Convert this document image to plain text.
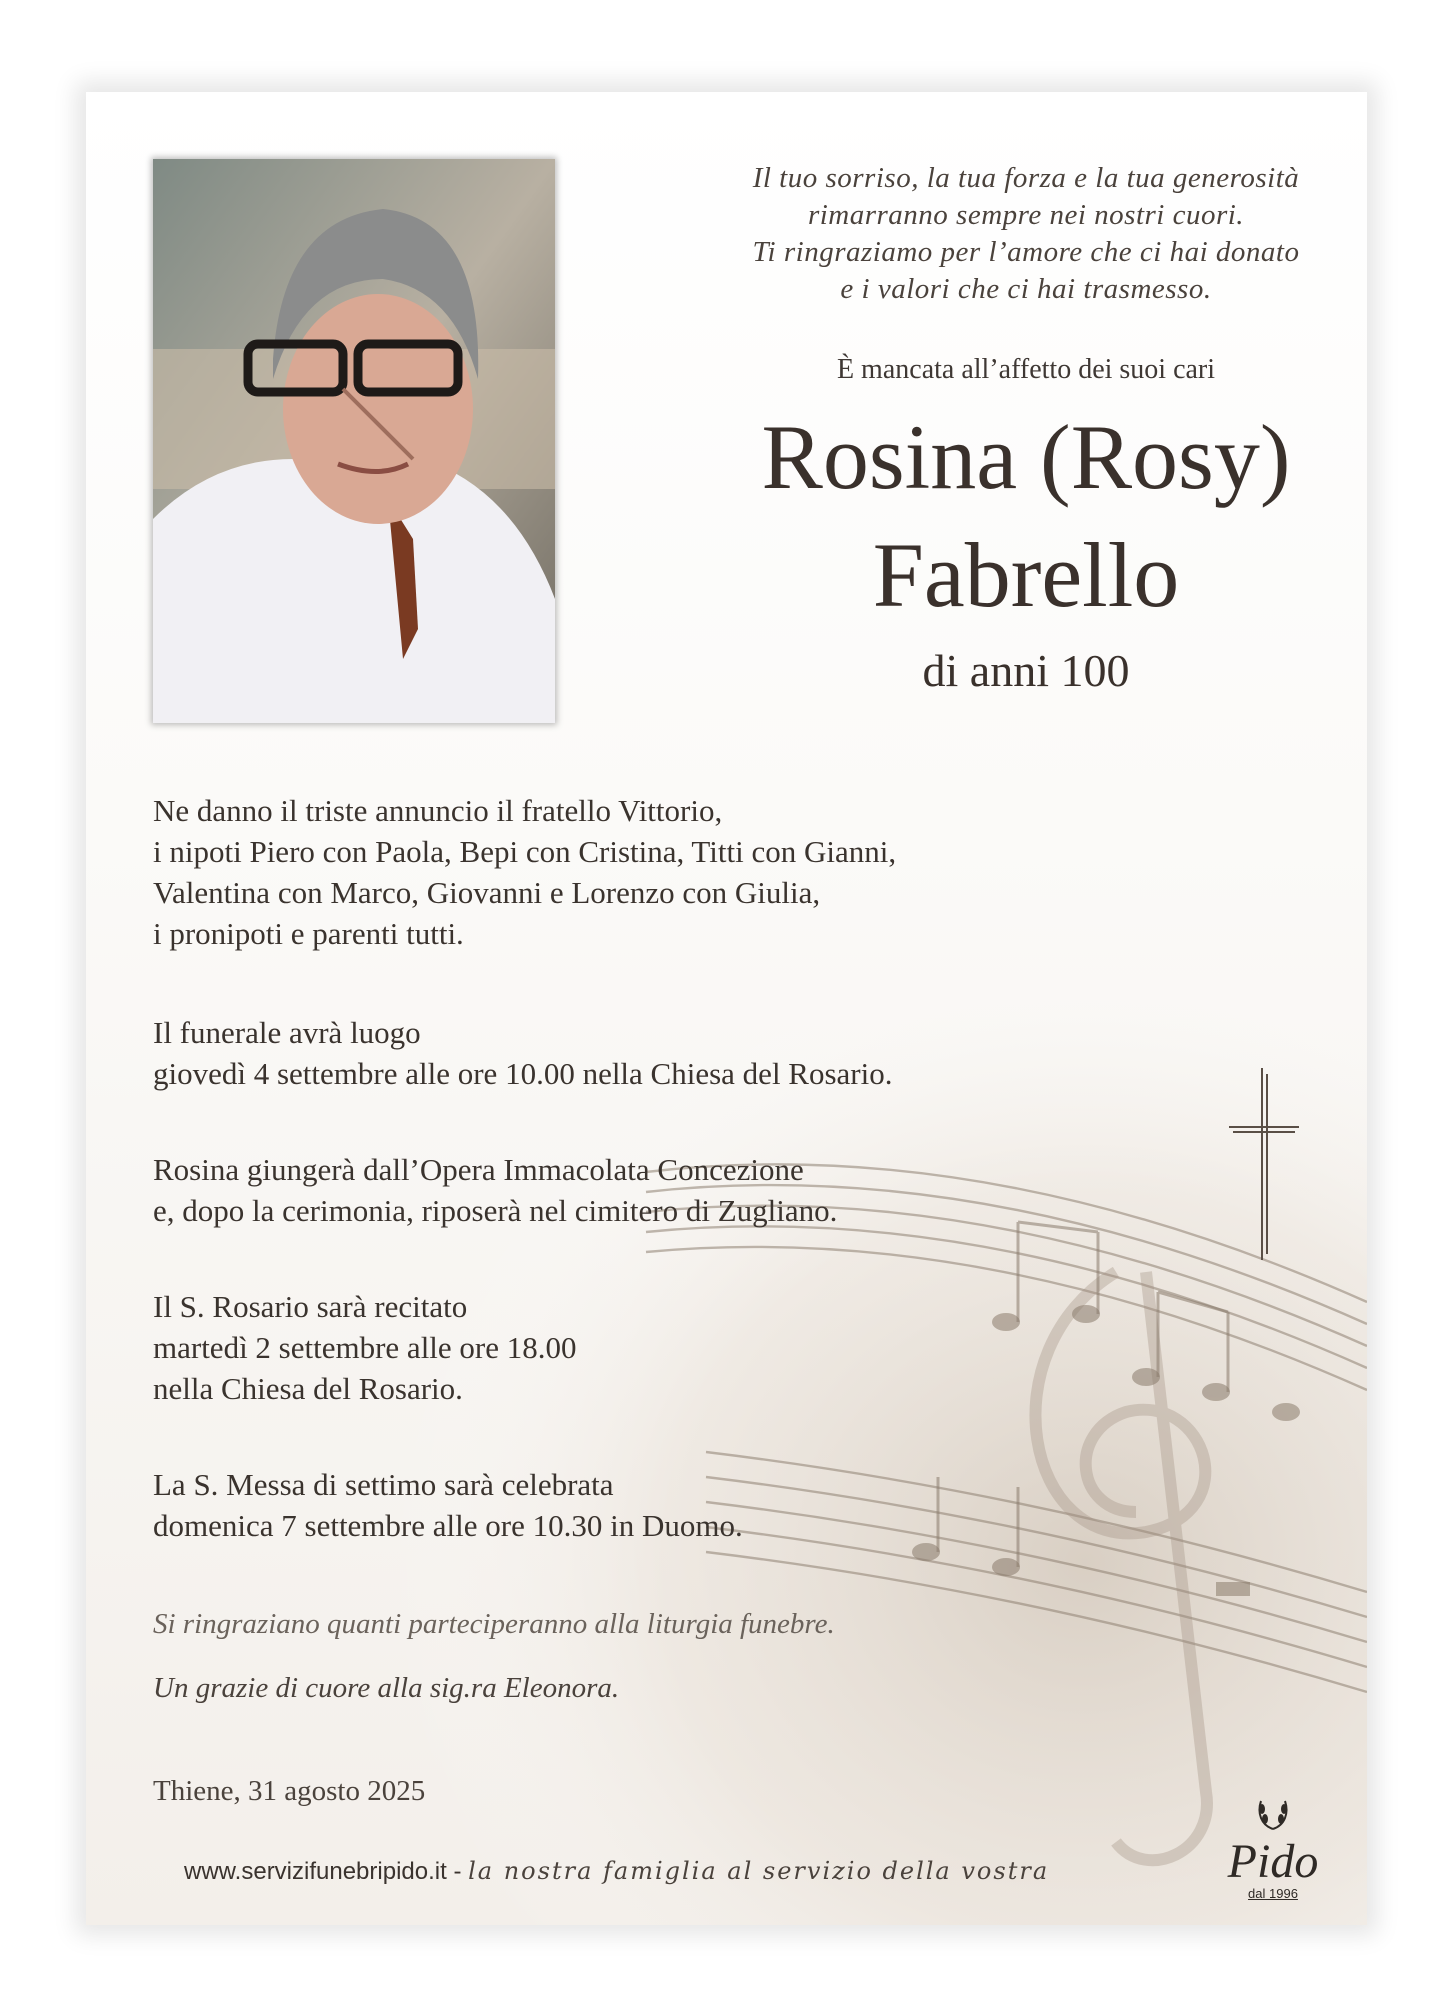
Il tuo sorriso, la tua forza e la tua generosità
rimarranno sempre nei nostri cuori.
Ti ringraziamo per l’amore che ci hai donato
e i valori che ci hai trasmesso.
È mancata all’affetto dei suoi cari
Rosina (Rosy)
Fabrello
di anni 100
Ne danno il triste annuncio il fratello Vittorio,
i nipoti Piero con Paola, Bepi con Cristina, Titti con Gianni,
Valentina con Marco, Giovanni e Lorenzo con Giulia,
i pronipoti e parenti tutti.
Il funerale avrà luogo
giovedì 4 settembre alle ore 10.00 nella Chiesa del Rosario.
Rosina giungerà dall’Opera Immacolata Concezione
e, dopo la cerimonia, riposerà nel cimitero di Zugliano.
Il S. Rosario sarà recitato
martedì 2 settembre alle ore 18.00
nella Chiesa del Rosario.
La S. Messa di settimo sarà celebrata
domenica 7 settembre alle ore 10.30 in Duomo.
Si ringraziano quanti parteciperanno alla liturgia funebre.
Un grazie di cuore alla sig.ra Eleonora.
Thiene, 31 agosto 2025
www.servizifunebripido.it - la nostra famiglia al servizio della vostra	Pido
dal 1996
